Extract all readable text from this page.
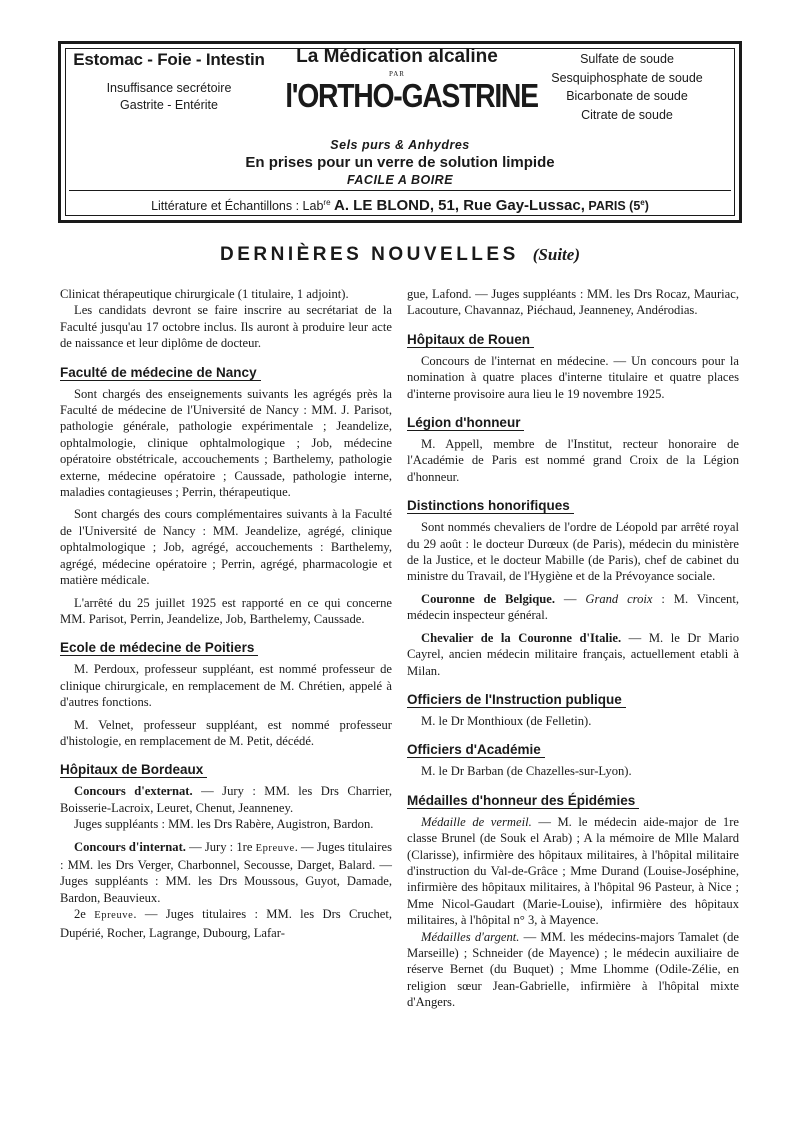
Estomac - Foie - Intestin
Insuffisance secrétoire
Gastrite - Entérite
La Médication alcaline
PAR
l'ORTHO-GASTRINE
Sulfate de soude
Sesquiphosphate de soude
Bicarbonate de soude
Citrate de soude
Sels purs & Anhydres
En prises pour un verre de solution limpide
FACILE A BOIRE
Littérature et Échantillons : Lab$^{re}$ A. LE BLOND, 51, Rue Gay-Lussac, PARIS (5e)
DERNIÈRES NOUVELLES (Suite)

Clinicat thérapeutique chirurgicale (1 titulaire, 1 adjoint).

Les candidats devront se faire inscrire au secrétariat de la Faculté jusqu'au 17 octobre inclus. Ils auront à produire leur acte de naissance et leur diplôme de docteur.

Faculté de médecine de Nancy

Sont chargés des enseignements suivants les agrégés près la Faculté de médecine de l'Université de Nancy : MM. J. Parisot, pathologie générale, pathologie expérimentale ; Jeandelize, ophtalmologie, clinique ophtalmologique ; Job, médecine opératoire obstétricale, accouchements ; Barthelemy, pathologie externe, médecine opératoire ; Caussade, pathologie interne, maladies contagieuses ; Perrin, thérapeutique.

Sont chargés des cours complémentaires suivants à la Faculté de l'Université de Nancy : MM. Jeandelize, agrégé, clinique ophtalmologique ; Job, agrégé, accouchements : Barthelemy, agrégé, médecine opératoire ; Perrin, agrégé, pharmacologie et matière médicale.

L'arrêté du 25 juillet 1925 est rapporté en ce qui concerne MM. Parisot, Perrin, Jeandelize, Job, Barthelemy, Caussade.

Ecole de médecine de Poitiers

M. Perdoux, professeur suppléant, est nommé professeur de clinique chirurgicale, en remplacement de M. Chrétien, appelé à d'autres fonctions.

M. Velnet, professeur suppléant, est nommé professeur d'histologie, en remplacement de M. Petit, décédé.

Hôpitaux de Bordeaux

Concours d'externat. — Jury : MM. les Drs Charrier, Boisserie-Lacroix, Leuret, Chenut, Jeanneney.

Juges suppléants : MM. les Drs Rabère, Augistron, Bardon.

Concours d'internat. — Jury : 1re Epreuve. — Juges titulaires : MM. les Drs Verger, Charbonnel, Secousse, Darget, Balard. — Juges suppléants : MM. les Drs Moussous, Guyot, Damade, Bardon, Beauvieux.

2e Epreuve. — Juges titulaires : MM. les Drs Cruchet, Dupérié, Rocher, Lagrange, Dubourg, Lafar-

gue, Lafond. — Juges suppléants : MM. les Drs Rocaz, Mauriac, Lacouture, Chavannaz, Piéchaud, Jeanneney, Andérodias.

Hôpitaux de Rouen

Concours de l'internat en médecine. — Un concours pour la nomination à quatre places d'interne titulaire et quatre places d'interne provisoire aura lieu le 19 novembre 1925.

Légion d'honneur

M. Appell, membre de l'Institut, recteur honoraire de l'Académie de Paris est nommé grand Croix de la Légion d'honneur.

Distinctions honorifiques

Sont nommés chevaliers de l'ordre de Léopold par arrêté royal du 29 août : le docteur Durœux (de Paris), médecin du ministère de la Justice, et le docteur Mabille (de Paris), chef de cabinet du ministre du Travail, de l'Hygiène et de la Prévoyance sociale.

Couronne de Belgique. — Grand croix : M. Vincent, médecin inspecteur général.

Chevalier de la Couronne d'Italie. — M. le Dr Mario Cayrel, ancien médecin militaire français, actuellement etabli à Milan.

Officiers de l'Instruction publique

M. le Dr Monthioux (de Felletin).

Officiers d'Académie

M. le Dr Barban (de Chazelles-sur-Lyon).

Médailles d'honneur des Épidémies

Médaille de vermeil. — M. le médecin aide-major de 1re classe Brunel (de Souk el Arab) ; A la mémoire de Mlle Malard (Clarisse), infirmière des hôpitaux militaires, à l'hôpital militaire d'instruction du Val-de-Grâce ; Mme Durand (Louise-Joséphine, infirmière des hôpitaux militaires, à l'hôpital 96 Pasteur, à Nice ; Mme Nicol-Gaudart (Marie-Louise), infirmière des hôpitaux militaires, à l'hôpital n° 3, à Mayence.

Médailles d'argent. — MM. les médecins-majors Tamalet (de Marseille) ; Schneider (de Mayence) ; le médecin auxiliaire de réserve Bernet (du Buquet) ; Mme Lhomme (Odile-Zélie, en religion sœur Jean-Gabrielle, infirmière à l'hôpital mixte d'Angers.
